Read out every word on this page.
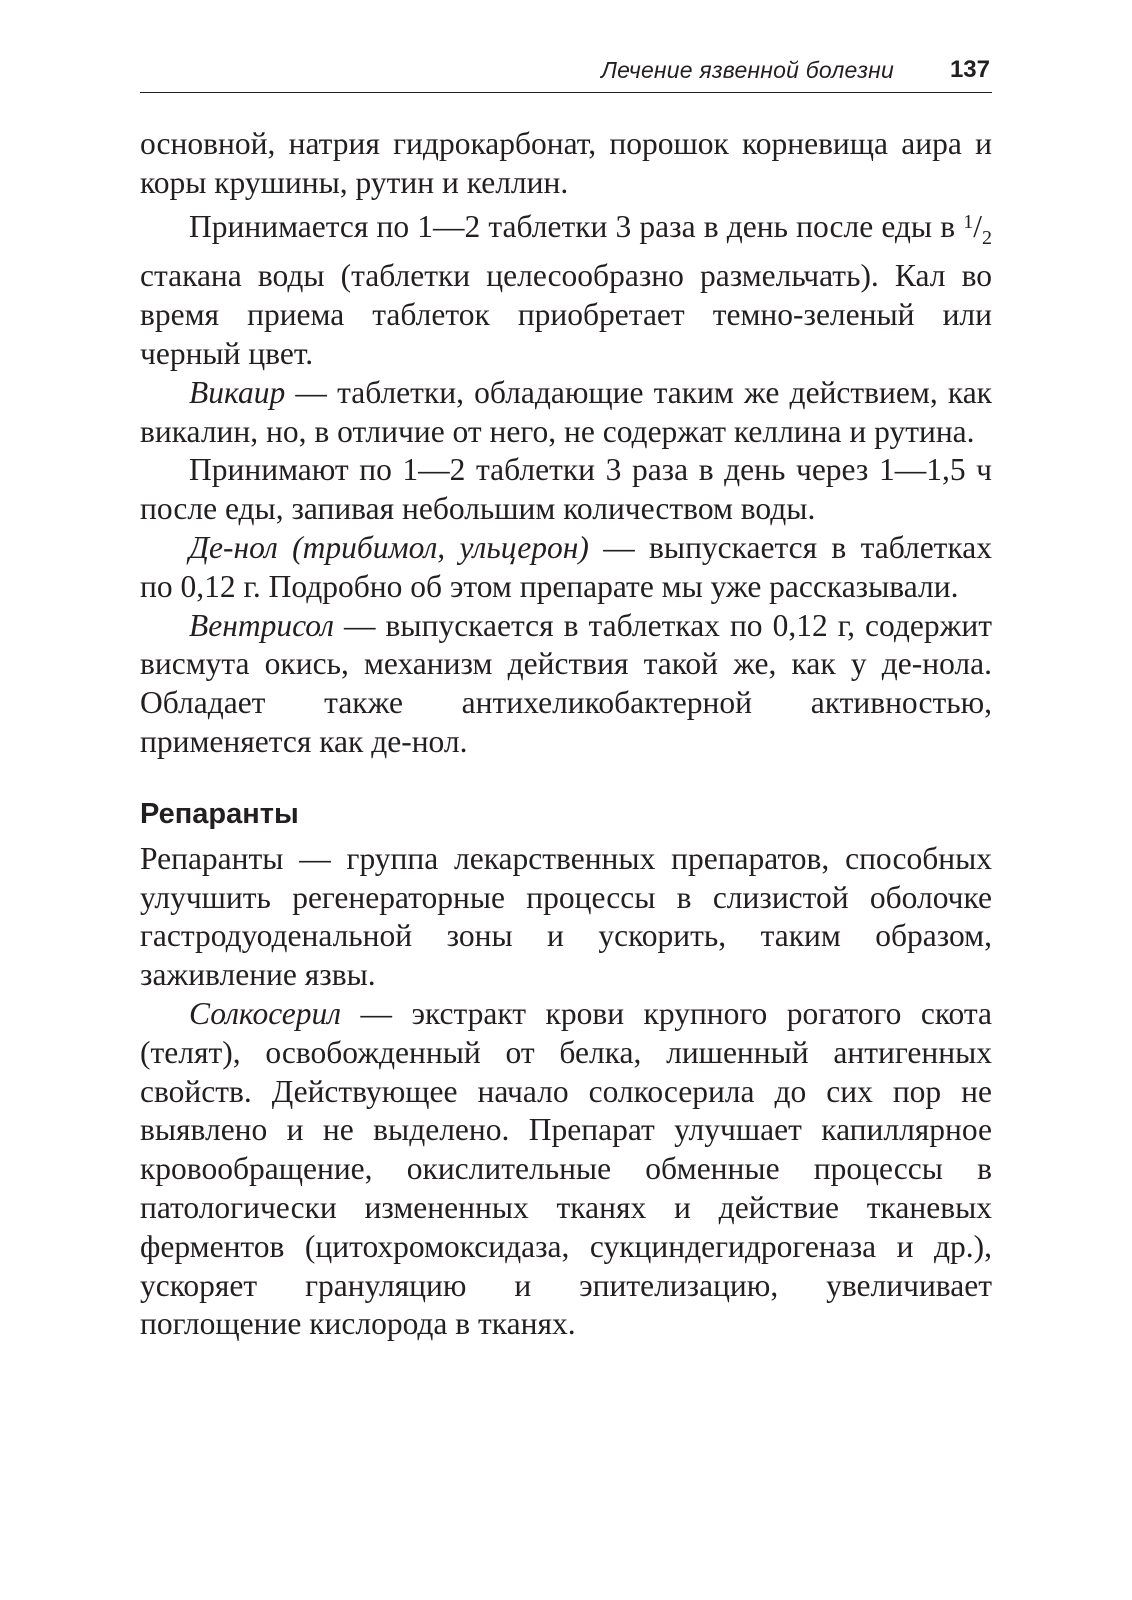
Лечение язвенной болезни 137

основной, натрия гидрокарбонат, порошок корневища аира и коры крушины, рутин и келлин.

Принимается по 1—2 таблетки 3 раза в день после еды в 1/2 стакана воды (таблетки целесообразно размельчать). Кал во время приема таблеток приобретает темно-зеленый или черный цвет.

Викаир — таблетки, обладающие таким же действием, как викалин, но, в отличие от него, не содержат келлина и рутина.

Принимают по 1—2 таблетки 3 раза в день через 1—1,5 ч после еды, запивая небольшим количеством воды.

Де-нол (трибимол, ульцерон) — выпускается в таблетках по 0,12 г. Подробно об этом препарате мы уже рассказывали.

Вентрисол — выпускается в таблетках по 0,12 г, содержит висмута окись, механизм действия такой же, как у де-нола. Обладает также антихеликобактерной активностью, применяется как де-нол.

Репаранты

Репаранты — группа лекарственных препаратов, способных улучшить регенераторные процессы в слизистой оболочке гастродуоденальной зоны и ускорить, таким образом, заживление язвы.

Солкосерил — экстракт крови крупного рогатого скота (телят), освобожденный от белка, лишенный антигенных свойств. Действующее начало солкосерила до сих пор не выявлено и не выделено. Препарат улучшает капиллярное кровообращение, окислительные обменные процессы в патологически измененных тканях и действие тканевых ферментов (цитохромоксидаза, сукциндегидрогеназа и др.), ускоряет грануляцию и эпителизацию, увеличивает поглощение кислорода в тканях.
